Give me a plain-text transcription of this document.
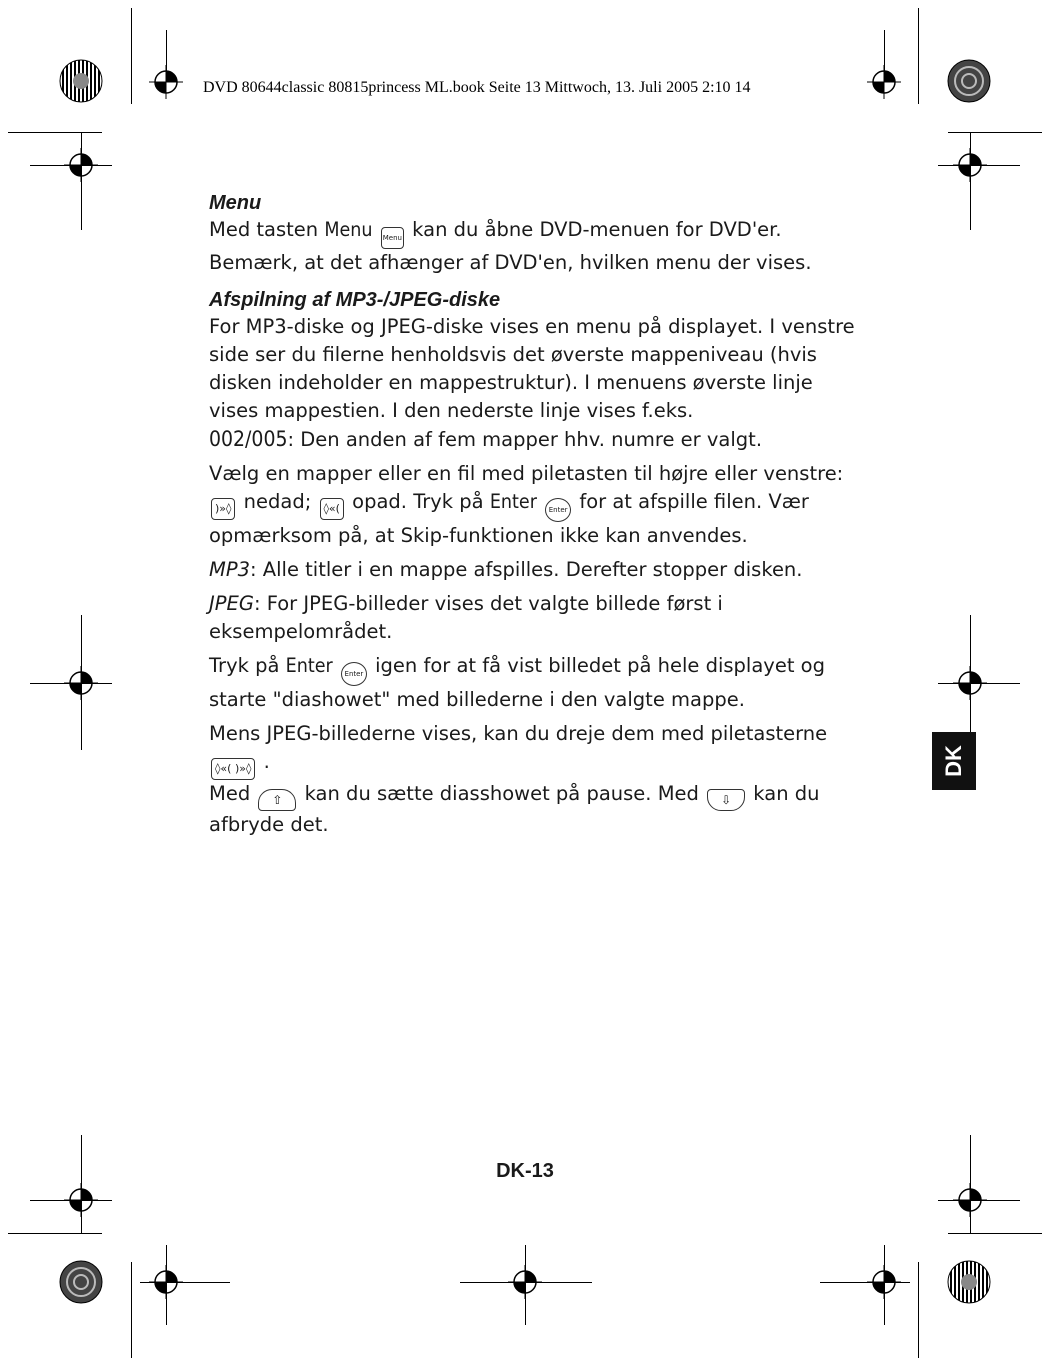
DVD 80644classic 80815princess ML.book Seite 13 Mittwoch, 13. Juli 2005 2:10 14

Menu

Med tasten Menu Menu kan du åbne DVD-menuen for DVD'er.
Bemærk, at det afhænger af DVD'en, hvilken menu der vises.

Afspilning af MP3-/JPEG-diske

For MP3-diske og JPEG-diske vises en menu på displayet. I venstre side ser du filerne henholdsvis det øverste mappeniveau (hvis disken indeholder en mappestruktur). I menuens øverste linje vises mappestien. I den nederste linje vises f.eks.
002/005: Den anden af fem mapper hhv. numre er valgt.

Vælg en mapper eller en fil med piletasten til højre eller venstre: )»◊ nedad; ◊«( opad. Tryk på Enter Enter for at afspille filen. Vær opmærksom på, at Skip-funktionen ikke kan anvendes.

MP3: Alle titler i en mappe afspilles. Derefter stopper disken.

JPEG: For JPEG-billeder vises det valgte billede først i eksempelområdet.

Tryk på Enter Enter igen for at få vist billedet på hele displayet og starte "diashowet" med billederne i den valgte mappe.

Mens JPEG-billederne vises, kan du dreje dem med piletasterne ◊«( )»◊ .

Med ⇧ kan du sætte diasshowet på pause. Med ⇩ kan du afbryde det.

DK
DK-13
